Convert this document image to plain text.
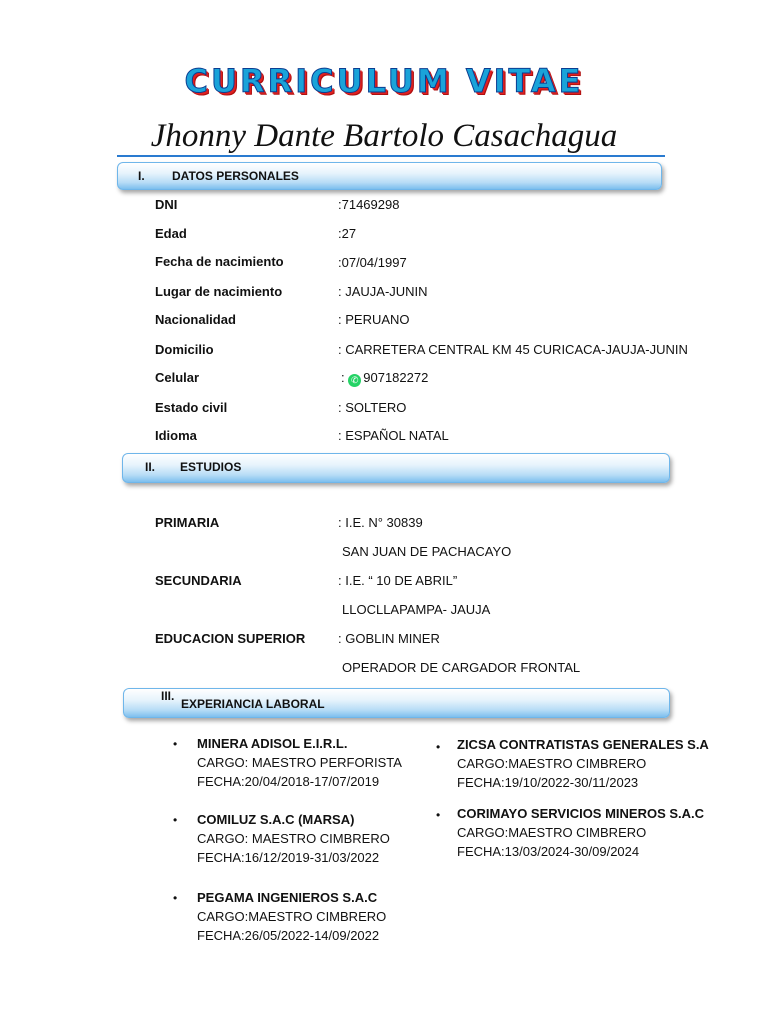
CURRICULUM VITAE
Jhonny Dante Bartolo Casachagua
I. DATOS PERSONALES
DNI	:71469298
Edad	:27
Fecha de nacimiento	:07/04/1997
Lugar de nacimiento	: JAUJA-JUNIN
Nacionalidad	: PERUANO
Domicilio	: CARRETERA CENTRAL KM 45 CURICACA-JAUJA-JUNIN
Celular	: ✆ 907182272
Estado civil	: SOLTERO
Idioma	: ESPAÑOL NATAL
II. ESTUDIOS
PRIMARIA	: I.E. N° 30839
SAN JUAN DE PACHACAYO
SECUNDARIA	: I.E. “ 10 DE ABRIL”
LLOCLLAPAMPA- JAUJA
EDUCACION SUPERIOR	: GOBLIN MINER
OPERADOR DE CARGADOR FRONTAL
III.
EXPERIANCIA LABORAL
• MINERA ADISOL E.I.R.L.
CARGO: MAESTRO PERFORISTA
FECHA:20/04/2018-17/07/2019
• COMILUZ S.A.C (MARSA)
CARGO: MAESTRO CIMBRERO
FECHA:16/12/2019-31/03/2022
• PEGAMA INGENIEROS S.A.C
CARGO:MAESTRO CIMBRERO
FECHA:26/05/2022-14/09/2022
• ZICSA CONTRATISTAS GENERALES S.A
CARGO:MAESTRO CIMBRERO
FECHA:19/10/2022-30/11/2023
• CORIMAYO SERVICIOS MINEROS S.A.C
CARGO:MAESTRO CIMBRERO
FECHA:13/03/2024-30/09/2024
